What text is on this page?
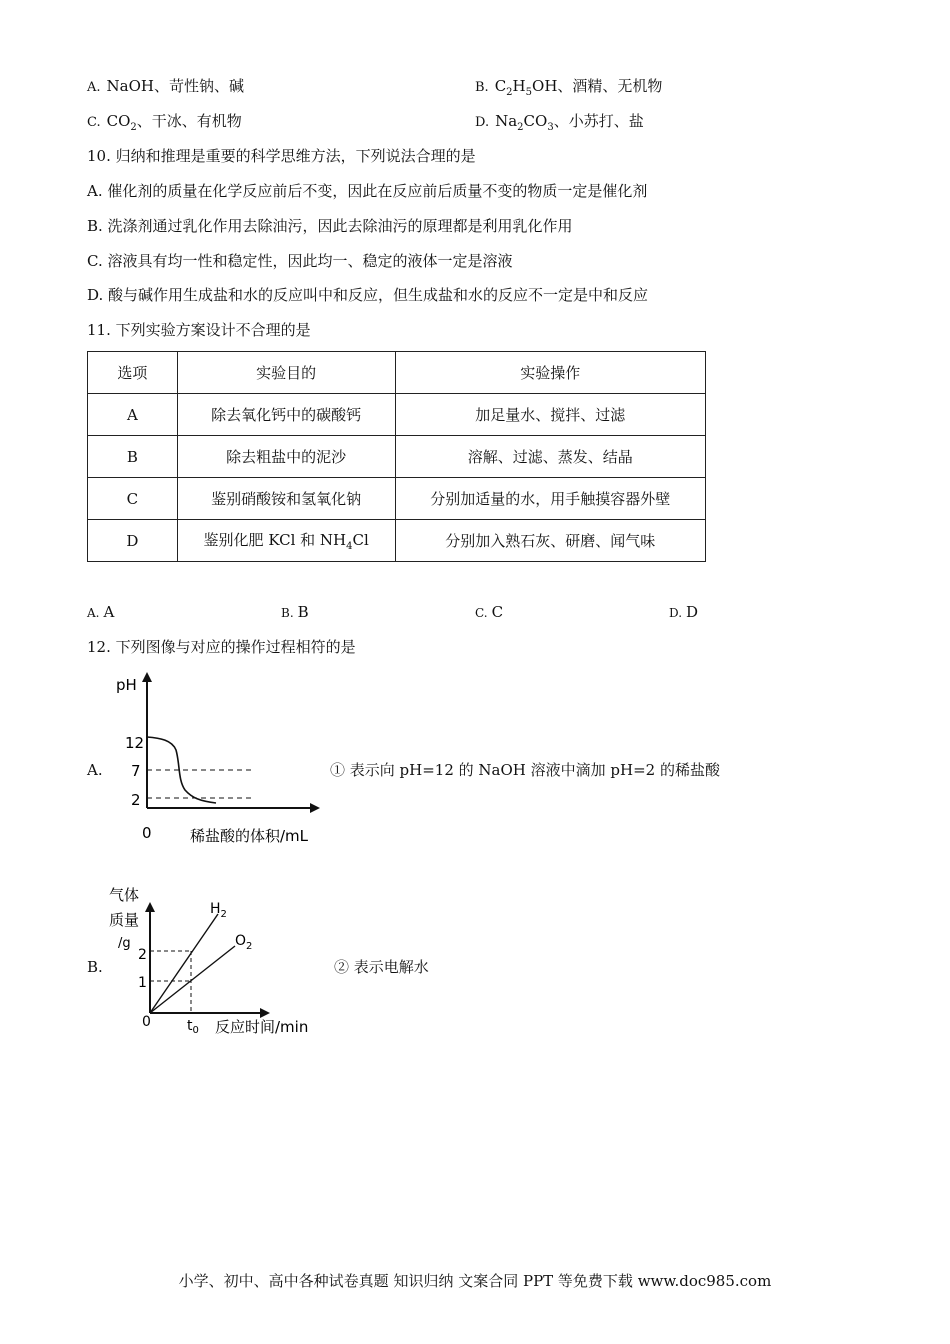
A. NaOH、苛性钠、碱	B. $C_2H_5OH$、酒精、无机物
C. $CO_2$、干冰、有机物	D. $Na_2CO_3$、小苏打、盐
10. 归纳和推理是重要的科学思维方法，下列说法合理的是
A. 催化剂的质量在化学反应前后不变，因此在反应前后质量不变的物质一定是催化剂
B. 洗涤剂通过乳化作用去除油污，因此去除油污的原理都是利用乳化作用
C. 溶液具有均一性和稳定性，因此均一、稳定的液体一定是溶液
D. 酸与碱作用生成盐和水的反应叫中和反应，但生成盐和水的反应不一定是中和反应
11. 下列实验方案设计不合理的是
选项	实验目的	实验操作
A	除去氧化钙中的碳酸钙	加足量水、搅拌、过滤
B	除去粗盐中的泥沙	溶解、过滤、蒸发、结晶
C	鉴别硝酸铵和氢氧化钠	分别加适量的水，用手触摸容器外壁
D	鉴别化肥 KCl 和 $NH_4Cl$	分别加入熟石灰、研磨、闻气味
A. A	B. B	C. C	D. D
12. 下列图像与对应的操作过程相符的是
A.
pH
12
7
2
0	稀盐酸的体积/mL
① 表示向 pH=12 的 NaOH 溶液中滴加 pH=2 的稀盐酸
B.
气体
质量
/g
2
1
$H_2$
$O_2$
0	$t_0$ 反应时间/min
② 表示电解水
小学、初中、高中各种试卷真题 知识归纳 文案合同 PPT 等免费下载 www.doc985.com
